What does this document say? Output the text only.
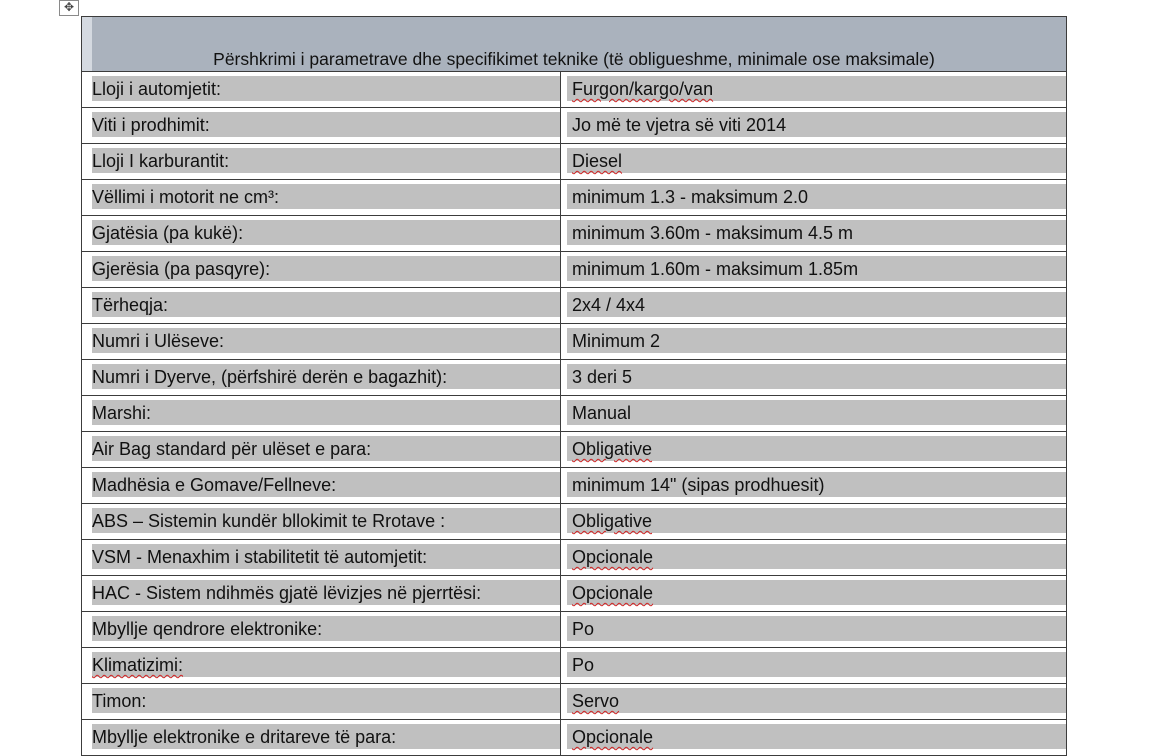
✥
Përshkrimi i parametrave dhe specifikimet teknike (të obligueshme, minimale ose maksimale)
Lloji i automjetit:	Furgon/kargo/van
Viti i prodhimit:	Jo më te vjetra së viti 2014
Lloji I karburantit:	Diesel
Vëllimi i motorit ne cm³:	minimum 1.3 - maksimum 2.0
Gjatësia (pa kukë):	minimum 3.60m - maksimum 4.5 m
Gjerësia (pa pasqyre):	minimum 1.60m - maksimum 1.85m
Tërheqja:	2x4 / 4x4
Numri i Ulëseve:	Minimum 2
Numri i Dyerve, (përfshirë derën e bagazhit):	3 deri 5
Marshi:	Manual
Air Bag standard për ulëset e para:	Obligative
Madhësia e Gomave/Fellneve:	minimum 14" (sipas prodhuesit)
ABS – Sistemin kundër bllokimit te Rrotave :	Obligative
VSM - Menaxhim i stabilitetit të automjetit:	Opcionale
HAC - Sistem ndihmës gjatë lëvizjes në pjerrtësi:	Opcionale
Mbyllje qendrore elektronike:	Po
Klimatizimi:	Po
Timon:	Servo
Mbyllje elektronike e dritareve të para:	Opcionale
